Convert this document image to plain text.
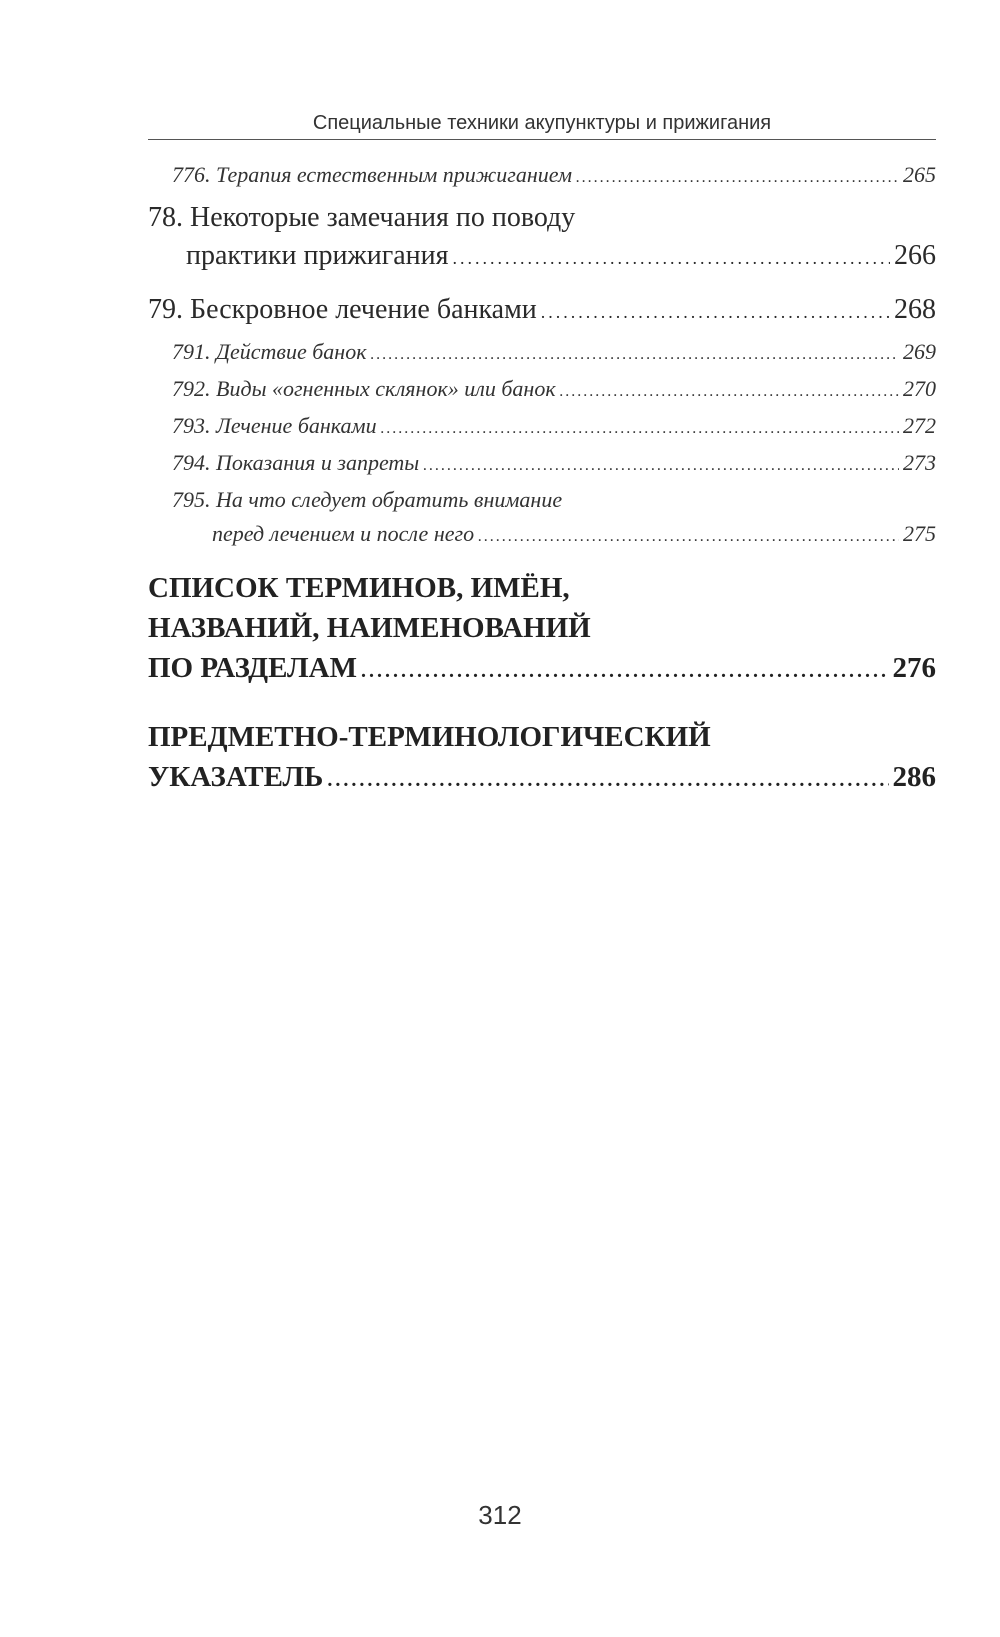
Специальные техники акупунктуры и прижигания
776. Терапия естественным прижиганием .....	265
78. Некоторые замечания по поводу
практики прижигания .....	266
79. Бескровное лечение банками .....	268
791. Действие банок .....	269
792. Виды «огненных склянок» или банок .....	270
793. Лечение банками .....	272
794. Показания и запреты .....	273
795. На что следует обратить внимание
перед лечением и после него .....	275
СПИСОК ТЕРМИНОВ, ИМЁН,
НАЗВАНИЙ, НАИМЕНОВАНИЙ
ПО РАЗДЕЛАМ .....	276
ПРЕДМЕТНО-ТЕРМИНОЛОГИЧЕСКИЙ
УКАЗАТЕЛЬ .....	286
312
